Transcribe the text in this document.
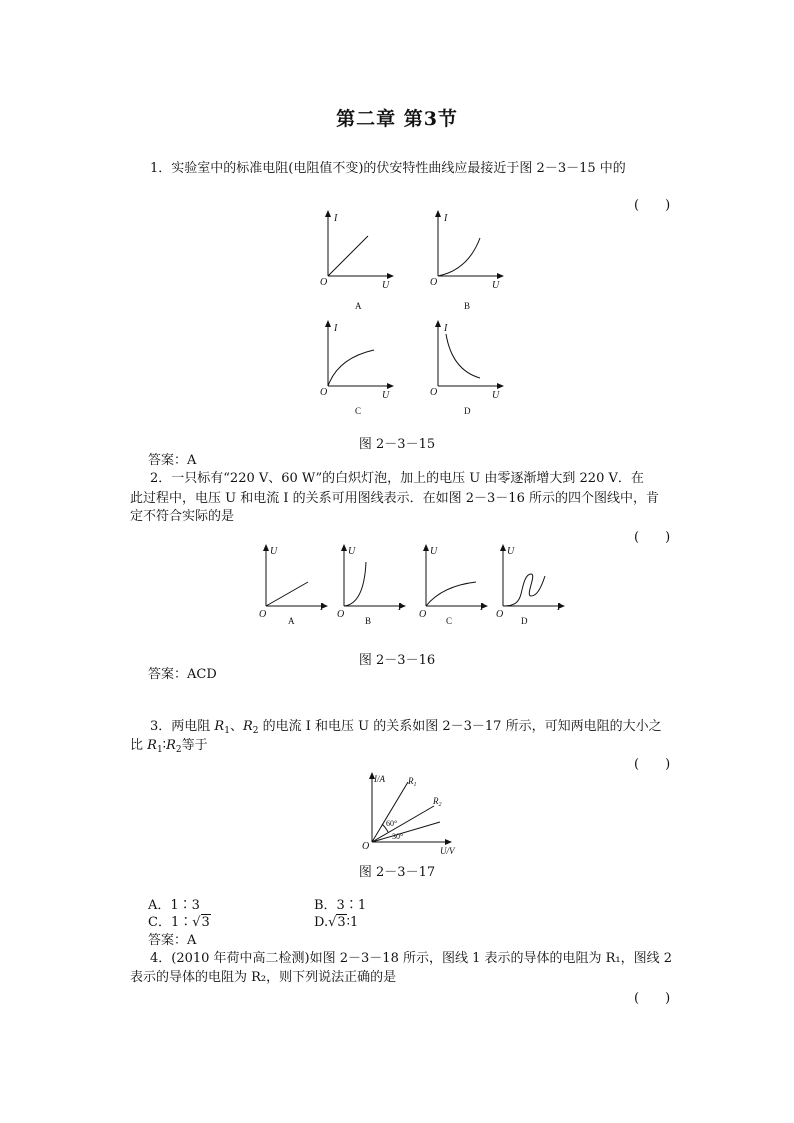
第二章 第3节
1．实验室中的标准电阻(电阻值不变)的伏安特性曲线应最接近于图 2－3－15 中的
(　　)
I
O	U
A
I
O	U
B
I
O	U
C
I
O	U
D
图 2－3－15
答案：A
2．一只标有“220 V、60 W”的白炽灯泡，加上的电压 U 由零逐渐增大到 220 V．在
此过程中，电压 U 和电流 I 的关系可用图线表示．在如图 2－3－16 所示的四个图线中，肯
定不符合实际的是
(　　)
U
O
I
A
U
O
I
B
U
O
I
C
U
O
I
D
图 2－3－16
答案：ACD
3．两电阻 $R_1$、$R_2$ 的电流 I 和电压 U 的关系如图 2－3－17 所示，可知两电阻的大小之
比 $R_1∶R_2$等于
(　　)
I/A	$R_1$
$R_2$
60°
30°
O	U/V
图 2－3－17
A．1∶3	B．3∶1
C．1∶√3	D.√3∶1
答案：A
4．(2010 年荷中高二检测)如图 2－3－18 所示，图线 1 表示的导体的电阻为 R₁，图线 2
表示的导体的电阻为 R₂，则下列说法正确的是
(　　)
